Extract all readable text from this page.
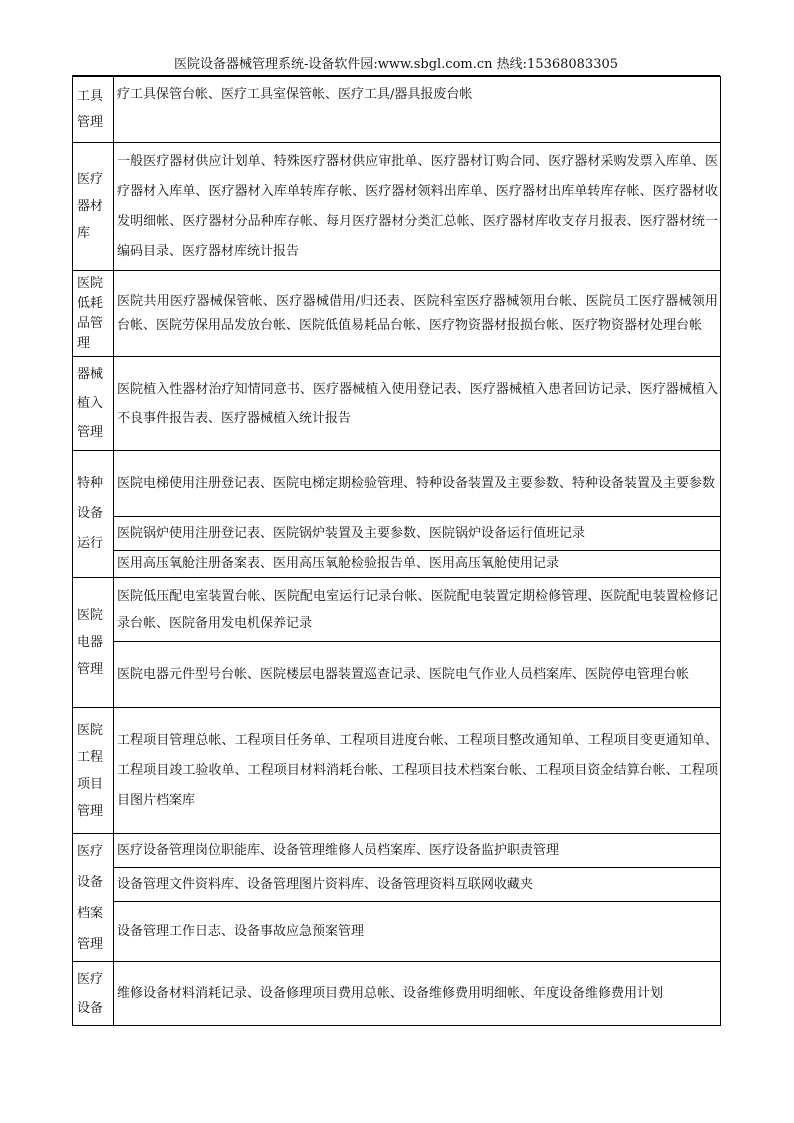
医院设备器械管理系统-设备软件园:www.sbgl.com.cn 热线:15368083305
工具
管理	疗工具保管台帐、医疗工具室保管帐、医疗工具/器具报废台帐

医疗
器材
库	一般医疗器材供应计划单、特殊医疗器材供应审批单、医疗器材订购合同、医疗器材采购发票入库单、医疗器材入库单、医疗器材入库单转库存帐、医疗器材领料出库单、医疗器材出库单转库存帐、医疗器材收发明细帐、医疗器材分品种库存帐、每月医疗器材分类汇总帐、医疗器材库收支存月报表、医疗器材统一编码目录、医疗器材库统计报告

医院
低耗
品管
理	医院共用医疗器械保管帐、医疗器械借用/归还表、医院科室医疗器械领用台帐、医院员工医疗器械领用台帐、医院劳保用品发放台帐、医院低值易耗品台帐、医疗物资器材报损台帐、医疗物资器材处理台帐

器械
植入
管理	医院植入性器材治疗知情同意书、医疗器械植入使用登记表、医疗器械植入患者回访记录、医疗器械植入不良事件报告表、医疗器械植入统计报告

特种
设备
运行	医院电梯使用注册登记表、医院电梯定期检验管理、特种设备装置及主要参数、特种设备装置及主要参数

	医院锅炉使用注册登记表、医院锅炉装置及主要参数、医院锅炉设备运行值班记录

	医用高压氧舱注册备案表、医用高压氧舱检验报告单、医用高压氧舱使用记录

医院
电器
管理	医院低压配电室装置台帐、医院配电室运行记录台帐、医院配电装置定期检修管理、医院配电装置检修记录台帐、医院备用发电机保养记录

	医院电器元件型号台帐、医院楼层电器装置巡查记录、医院电气作业人员档案库、医院停电管理台帐

医院
工程
项目
管理	工程项目管理总帐、工程项目任务单、工程项目进度台帐、工程项目整改通知单、工程项目变更通知单、工程项目竣工验收单、工程项目材料消耗台帐、工程项目技术档案台帐、工程项目资金结算台帐、工程项目图片档案库

医疗
设备
档案
管理	医疗设备管理岗位职能库、设备管理维修人员档案库、医疗设备监护职责管理

	设备管理文件资料库、设备管理图片资料库、设备管理资料互联网收藏夹

	设备管理工作日志、设备事故应急预案管理

医疗
设备	维修设备材料消耗记录、设备修理项目费用总帐、设备维修费用明细帐、年度设备维修费用计划
